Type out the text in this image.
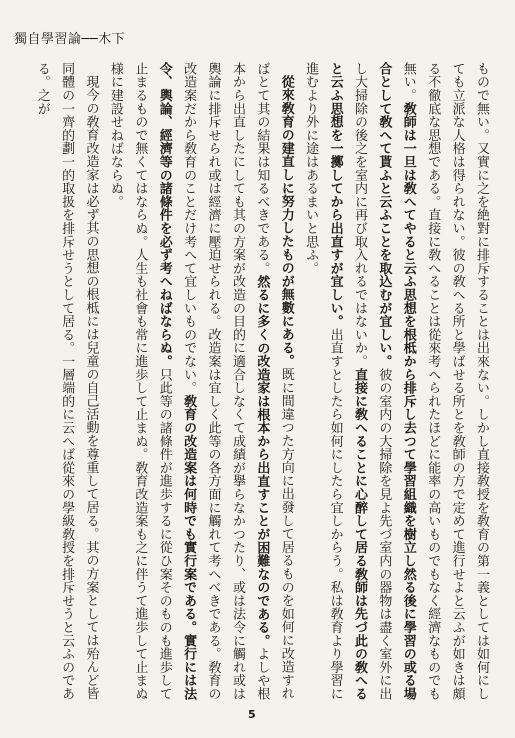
獨自學習論──木下

もので無い。又實に之を絶對に排斥することは出來ない。しかし直接敎授を敎育の第一義としては如何にしても立派な人格は得られない。彼の敎へる所と學ばせる所とを敎師の方で定めて進行せよと云ふが如きは頗る不徹底な思想である。直接に敎へることは從來考へられたほどに能率の高いものでもなく經濟なものでも無い。敎師は一旦は敎へてやると云ふ思想を根柢から排斥し去つて學習組織を樹立し然る後に學習の或る場合として敎へて貰ふと云ふことを取込むが宜しい。彼の室内の大掃除を見よ先づ室内の器物は盡く室外に出し大掃除の後之を室内に再び取入れるではないか。直接に敎へることに心醉して居る敎師は先づ此の敎へると云ふ思想を一擲してから出直すが宜しい。出直すとしたら如何にしたら宜しからう。私は敎育より學習に進むより外に途はあるまいと思ふ。

從來敎育の建直しに努力したものが無數にある。既に間違つた方向に出發して居るものを如何に改造すればとて其の結果は知るべきである。然るに多くの改造家は根本から出直すことが困難なのである。よしや根本から出直したにしても其の方案が改造の目的に適合しなくて成績が擧らなかつたり、或は法令に觸れ或は輿論に排斥せられ或は經濟に壓迫せられる。改造案は宜しく此等の各方面に觸れて考へべきである。敎育の改造案だから敎育のことだけ考へて宜しいものでない。敎育の改造案は何時でも實行案である。實行には法令、輿論、經濟等の諸條件を必ず考へねばならぬ。只此等の諸條件が進歩するに從ひ案そのものも進歩して止まるもので無くてはならぬ。人生も社會も常に進歩して止まぬ。敎育改造案も之に伴うて進歩して止まぬ様に建設せねばならぬ。

現今の敎育改造家は必ず其の思想の根柢には兒童の自己活動を尊重して居る。其の方案としては殆んど皆同體の一齊的劃一的取扱を排斥せうとして居る。一層端的に云へば從來の學級敎授を排斥せうと云ふのである。之が

5
